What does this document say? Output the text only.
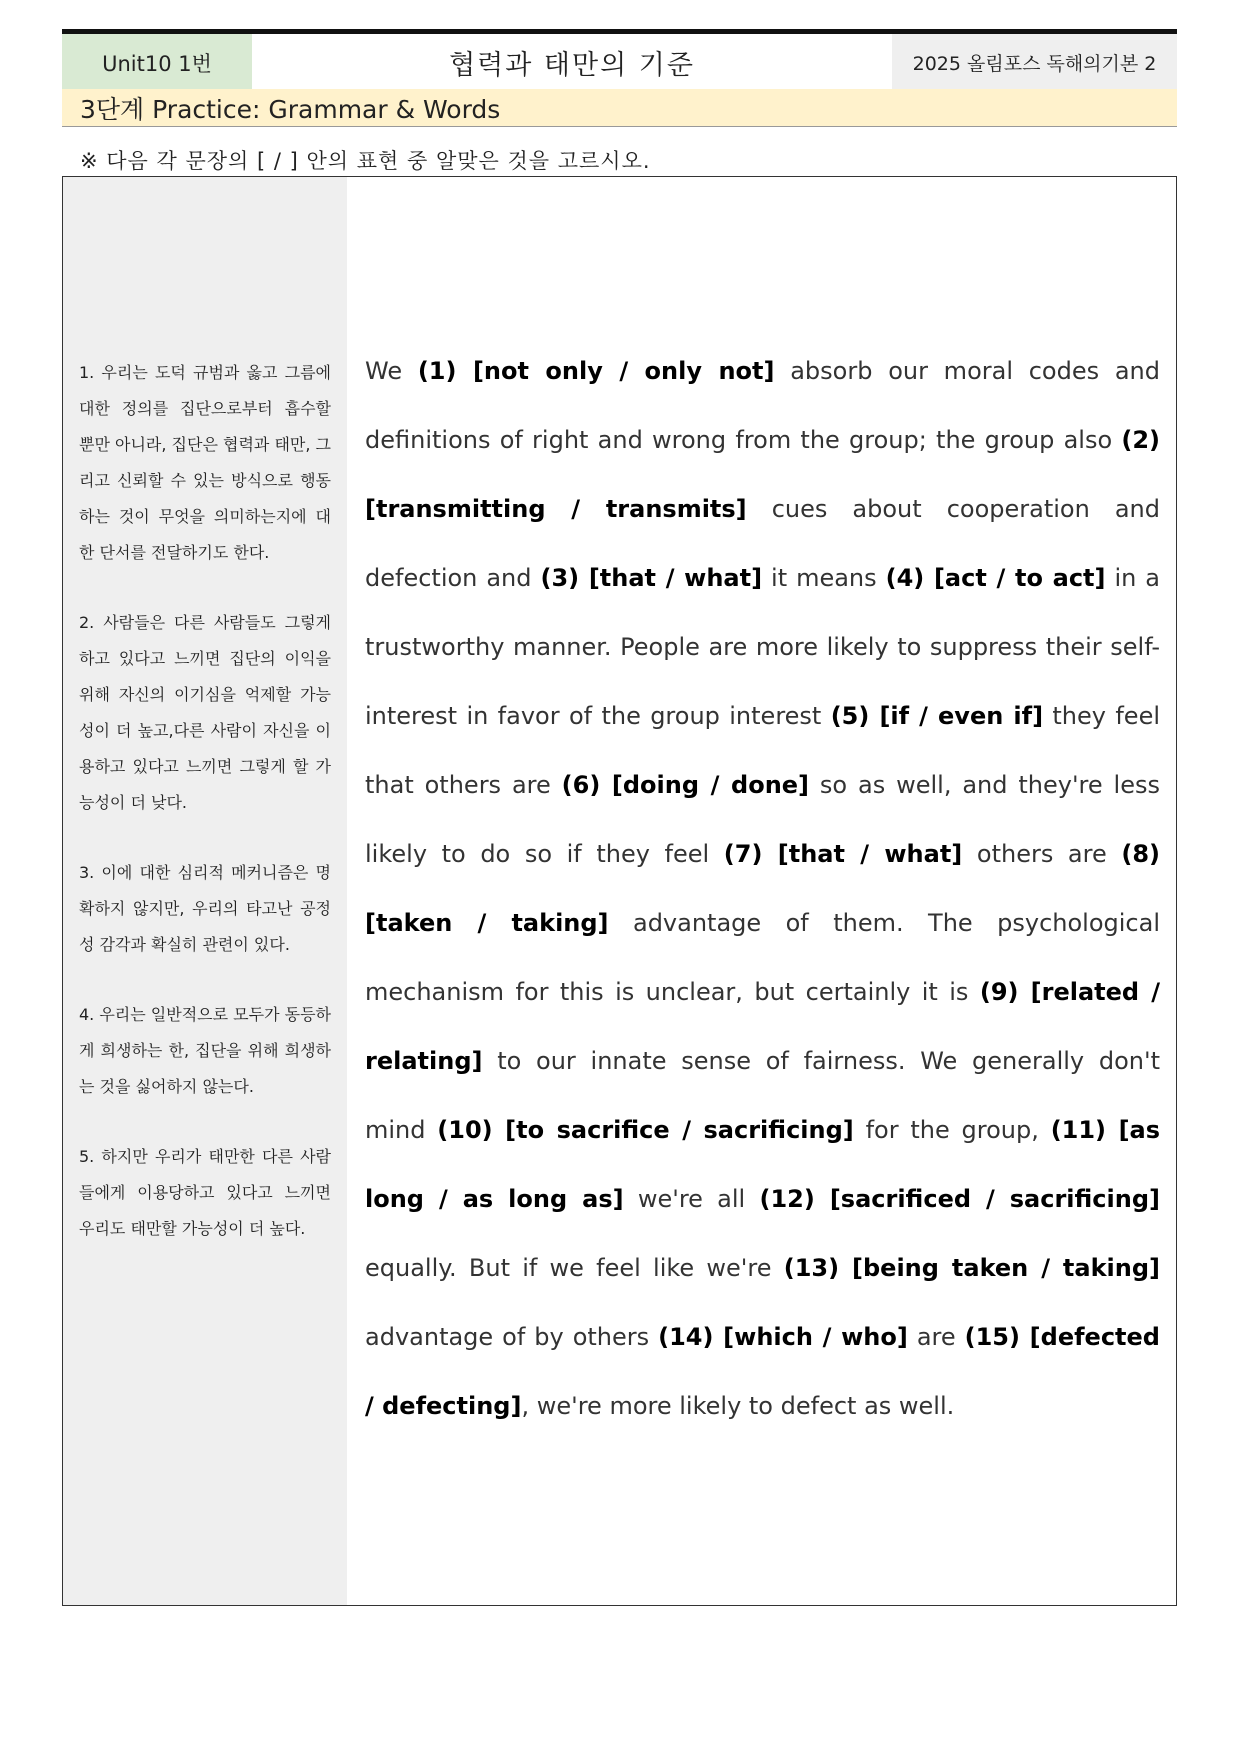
Unit10 1번	협력과 태만의 기준	2025 올림포스 독해의기본 2
3단계 Practice: Grammar & Words
※ 다음 각 문장의 [ / ] 안의 표현 중 알맞은 것을 고르시오.

1. 우리는 도덕 규범과 옳고 그름에 대한 정의를 집단으로부터 흡수할 뿐만 아니라, 집단은 협력과 태만, 그리고 신뢰할 수 있는 방식으로 행동하는 것이 무엇을 의미하는지에 대한 단서를 전달하기도 한다.

2. 사람들은 다른 사람들도 그렇게 하고 있다고 느끼면 집단의 이익을 위해 자신의 이기심을 억제할 가능성이 더 높고,다른 사람이 자신을 이용하고 있다고 느끼면 그렇게 할 가능성이 더 낮다.

3. 이에 대한 심리적 메커니즘은 명확하지 않지만, 우리의 타고난 공정성 감각과 확실히 관련이 있다.

4. 우리는 일반적으로 모두가 동등하게 희생하는 한, 집단을 위해 희생하는 것을 싫어하지 않는다.

5. 하지만 우리가 태만한 다른 사람들에게 이용당하고 있다고 느끼면 우리도 태만할 가능성이 더 높다.

We (1) [not only / only not] absorb our moral codes and definitions of right and wrong from the group; the group also (2) [transmitting / transmits] cues about cooperation and defection and (3) [that / what] it means (4) [act / to act] in a trustworthy manner. People are more likely to suppress their self-interest in favor of the group interest (5) [if / even if] they feel that others are (6) [doing / done] so as well, and they're less likely to do so if they feel (7) [that / what] others are (8) [taken / taking] advantage of them. The psychological mechanism for this is unclear, but certainly it is (9) [related / relating] to our innate sense of fairness. We generally don't mind (10) [to sacrifice / sacrificing] for the group, (11) [as long / as long as] we're all (12) [sacrificed / sacrificing] equally. But if we feel like we're (13) [being taken / taking] advantage of by others (14) [which / who] are (15) [defected / defecting], we're more likely to defect as well.
